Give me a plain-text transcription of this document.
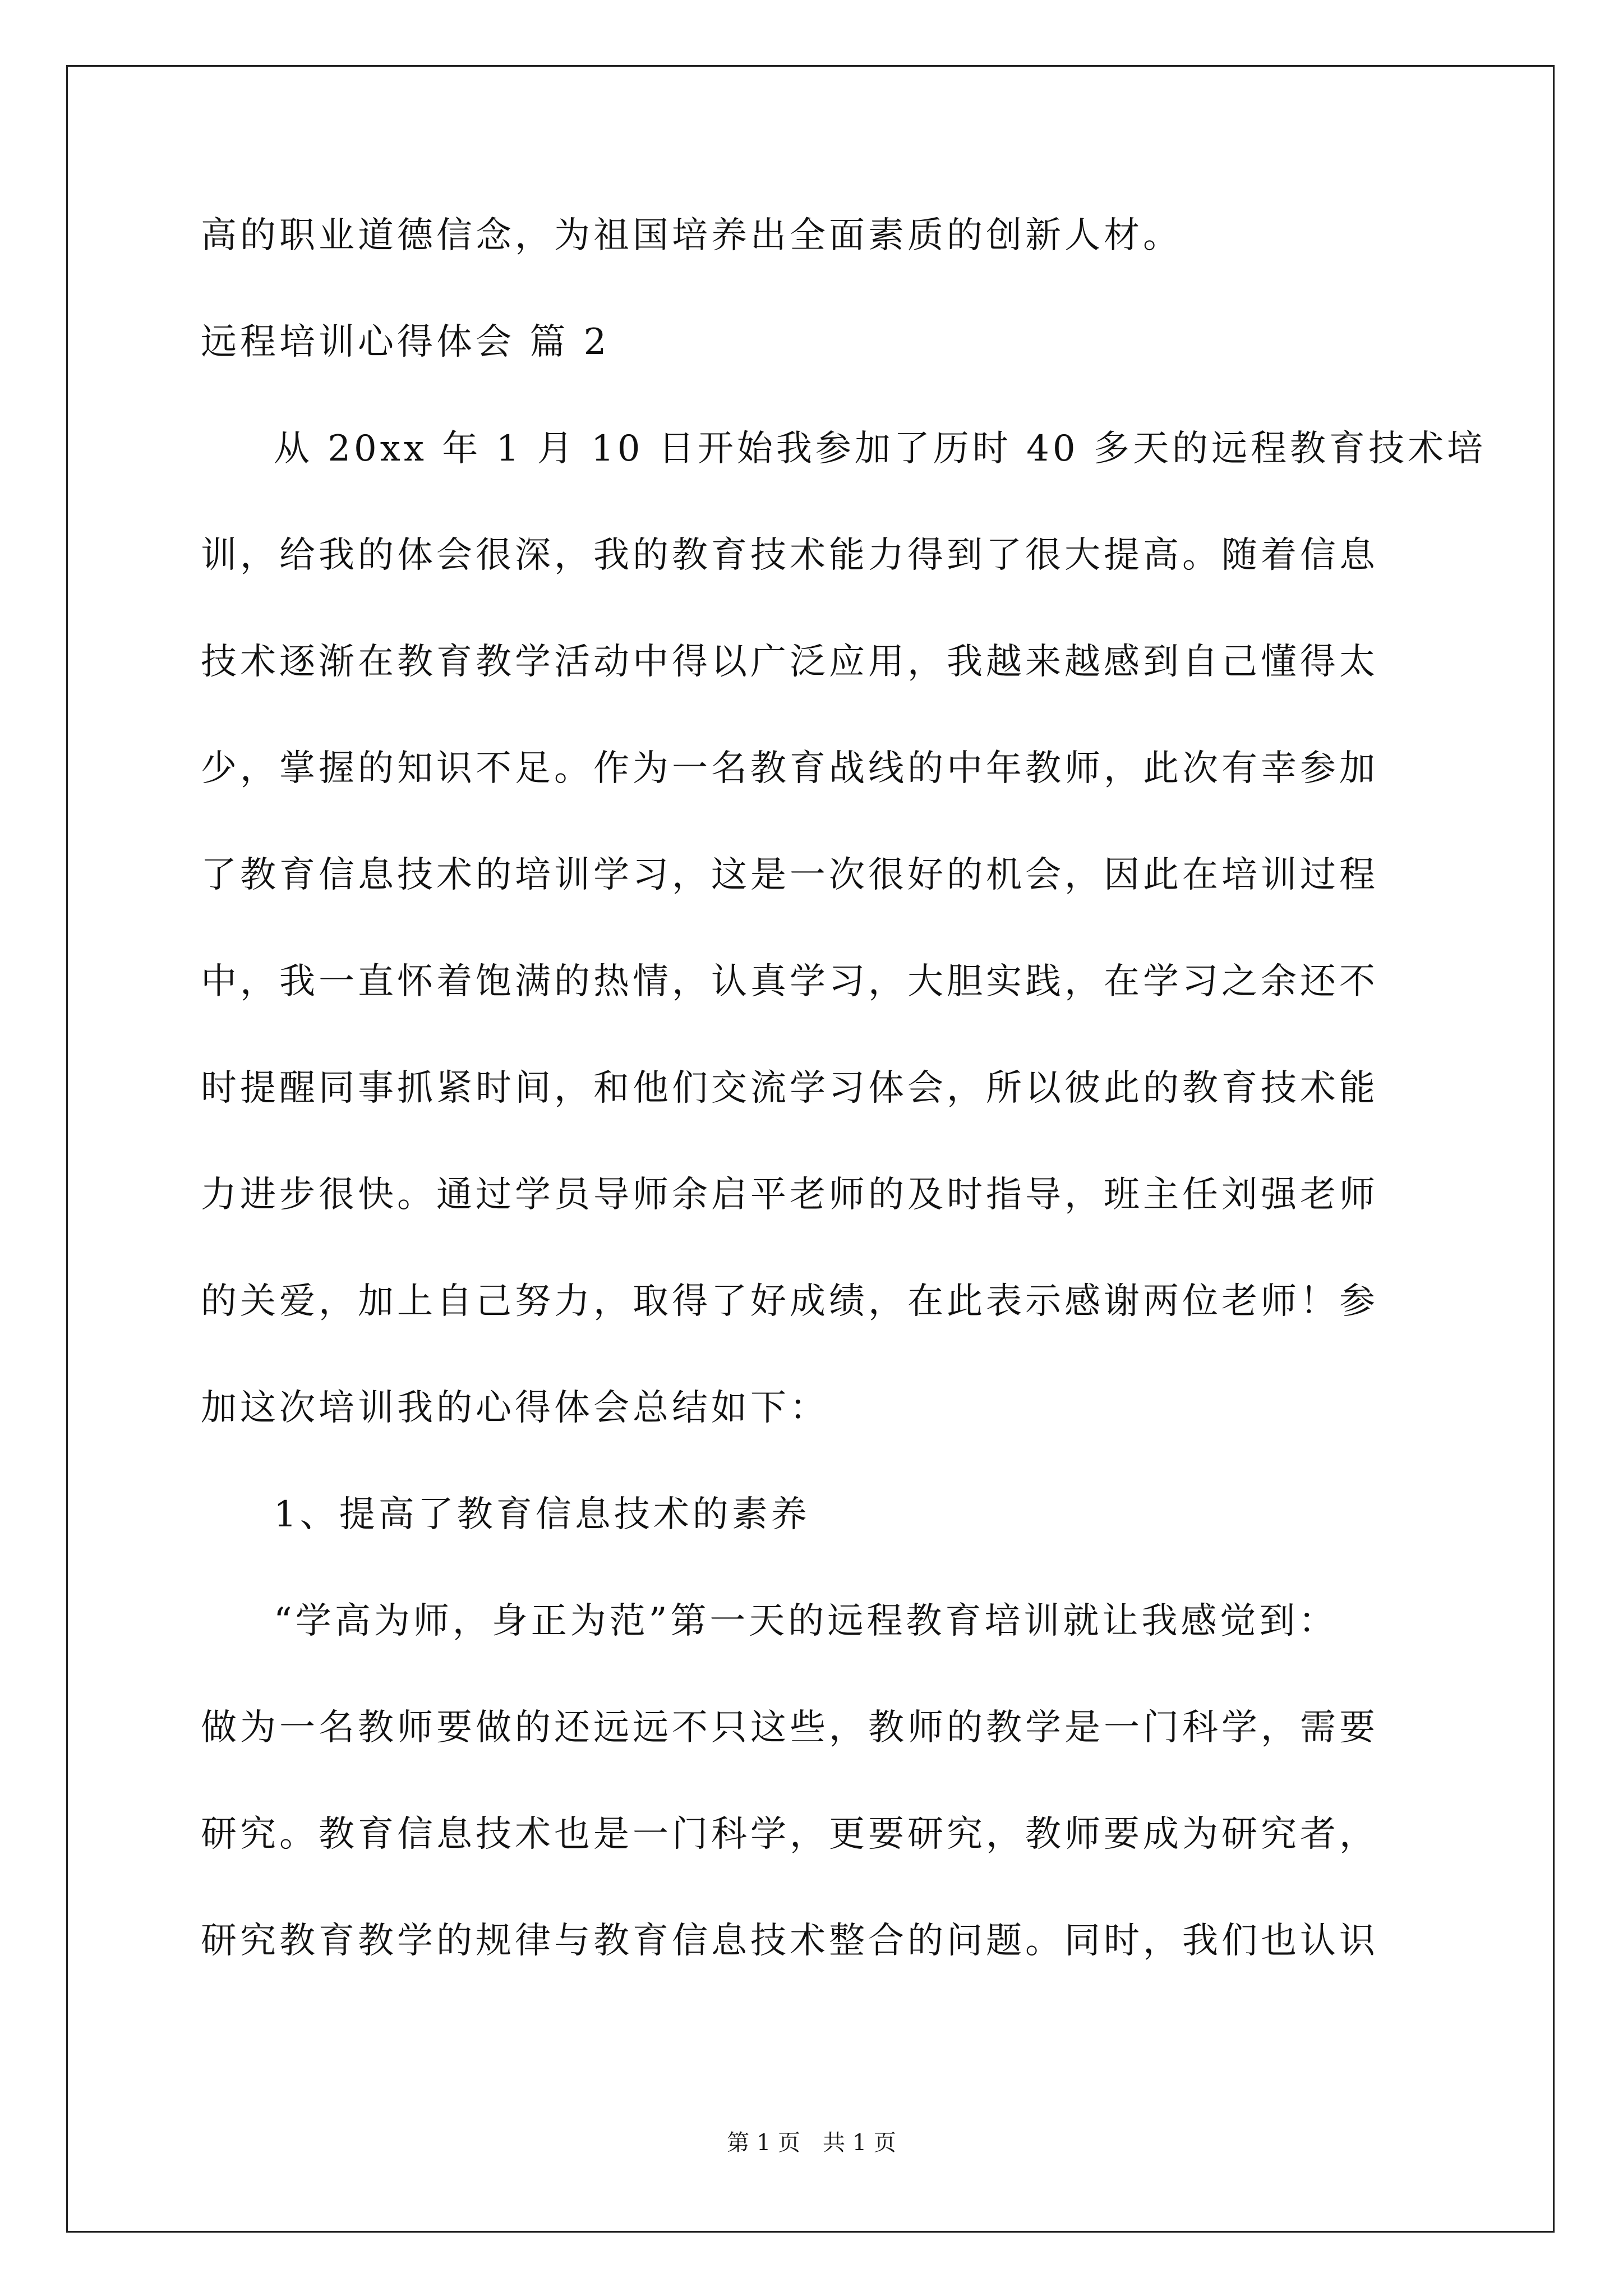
高的职业道德信念，为祖国培养出全面素质的创新人材。
远程培训心得体会 篇 2
从 20xx 年 1 月 10 日开始我参加了历时 40 多天的远程教育技术培
训，给我的体会很深，我的教育技术能力得到了很大提高。随着信息
技术逐渐在教育教学活动中得以广泛应用，我越来越感到自己懂得太
少，掌握的知识不足。作为一名教育战线的中年教师，此次有幸参加
了教育信息技术的培训学习，这是一次很好的机会，因此在培训过程
中，我一直怀着饱满的热情，认真学习，大胆实践，在学习之余还不
时提醒同事抓紧时间，和他们交流学习体会，所以彼此的教育技术能
力进步很快。通过学员导师余启平老师的及时指导，班主任刘强老师
的关爱，加上自己努力，取得了好成绩，在此表示感谢两位老师！参
加这次培训我的心得体会总结如下：
1、提高了教育信息技术的素养
“学高为师，身正为范”第一天的远程教育培训就让我感觉到：
做为一名教师要做的还远远不只这些，教师的教学是一门科学，需要
研究。教育信息技术也是一门科学，更要研究，教师要成为研究者，
研究教育教学的规律与教育信息技术整合的问题。同时，我们也认识
第 1 页　共 1 页
